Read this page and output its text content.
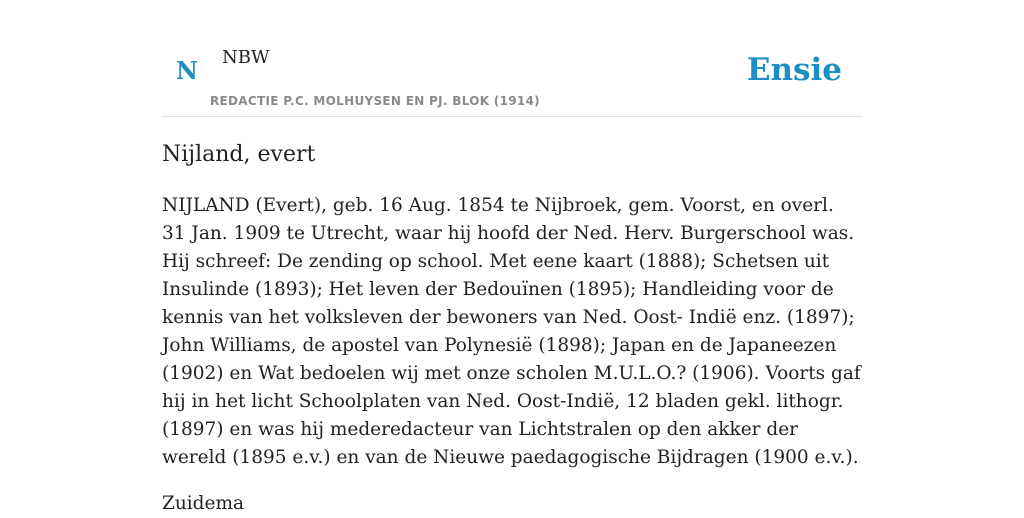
N NBW
REDACTIE P.C. MOLHUYSEN EN PJ. BLOK (1914)
Ensie
Nijland, evert

NIJLAND (Evert), geb. 16 Aug. 1854 te Nijbroek, gem. Voorst, en overl. 31 Jan. 1909 te Utrecht, waar hij hoofd der Ned. Herv. Burgerschool was. Hij schreef: De zending op school. Met eene kaart (1888); Schetsen uit Insulinde (1893); Het leven der Bedouïnen (1895); Handleiding voor de kennis van het volksleven der bewoners van Ned. Oost- Indië enz. (1897); John Williams, de apostel van Polynesië (1898); Japan en de Japaneezen (1902) en Wat bedoelen wij met onze scholen M.U.L.O.? (1906). Voorts gaf hij in het licht Schoolplaten van Ned. Oost-Indië, 12 bladen gekl. lithogr. (1897) en was hij mederedacteur van Lichtstralen op den akker der wereld (1895 e.v.) en van de Nieuwe paedagogische Bijdragen (1900 e.v.).

Zuidema
